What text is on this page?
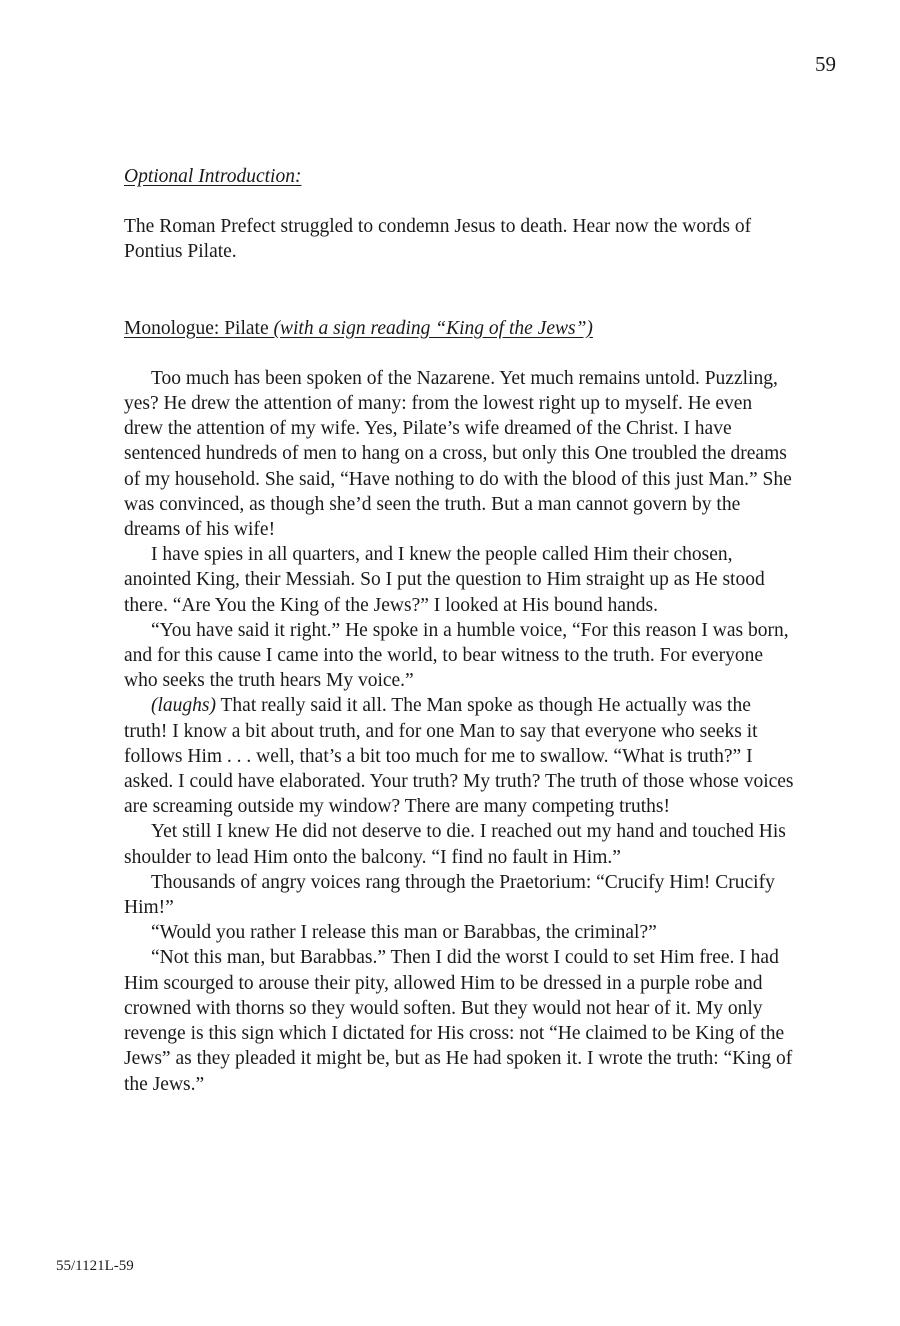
59

Optional Introduction:

The Roman Prefect struggled to condemn Jesus to death. Hear now the words of Pontius Pilate.

Monologue: Pilate (with a sign reading “King of the Jews”)

Too much has been spoken of the Nazarene. Yet much remains untold. Puzzling, yes? He drew the attention of many: from the lowest right up to myself. He even drew the attention of my wife. Yes, Pilate’s wife dreamed of the Christ. I have sentenced hundreds of men to hang on a cross, but only this One troubled the dreams of my household. She said, “Have nothing to do with the blood of this just Man.” She was convinced, as though she’d seen the truth. But a man cannot govern by the dreams of his wife!

I have spies in all quarters, and I knew the people called Him their chosen, anointed King, their Messiah. So I put the question to Him straight up as He stood there. “Are You the King of the Jews?” I looked at His bound hands.

“You have said it right.” He spoke in a humble voice, “For this reason I was born, and for this cause I came into the world, to bear witness to the truth. For everyone who seeks the truth hears My voice.”

(laughs) That really said it all. The Man spoke as though He actually was the truth! I know a bit about truth, and for one Man to say that everyone who seeks it follows Him . . . well, that’s a bit too much for me to swallow. “What is truth?” I asked. I could have elaborated. Your truth? My truth? The truth of those whose voices are screaming outside my window? There are many competing truths!

Yet still I knew He did not deserve to die. I reached out my hand and touched His shoulder to lead Him onto the balcony. “I find no fault in Him.”

Thousands of angry voices rang through the Praetorium: “Crucify Him! Crucify Him!”

“Would you rather I release this man or Barabbas, the criminal?”

“Not this man, but Barabbas.” Then I did the worst I could to set Him free. I had Him scourged to arouse their pity, allowed Him to be dressed in a purple robe and crowned with thorns so they would soften. But they would not hear of it. My only revenge is this sign which I dictated for His cross: not “He claimed to be King of the Jews” as they pleaded it might be, but as He had spoken it. I wrote the truth: “King of the Jews.”

55/1121L-59
